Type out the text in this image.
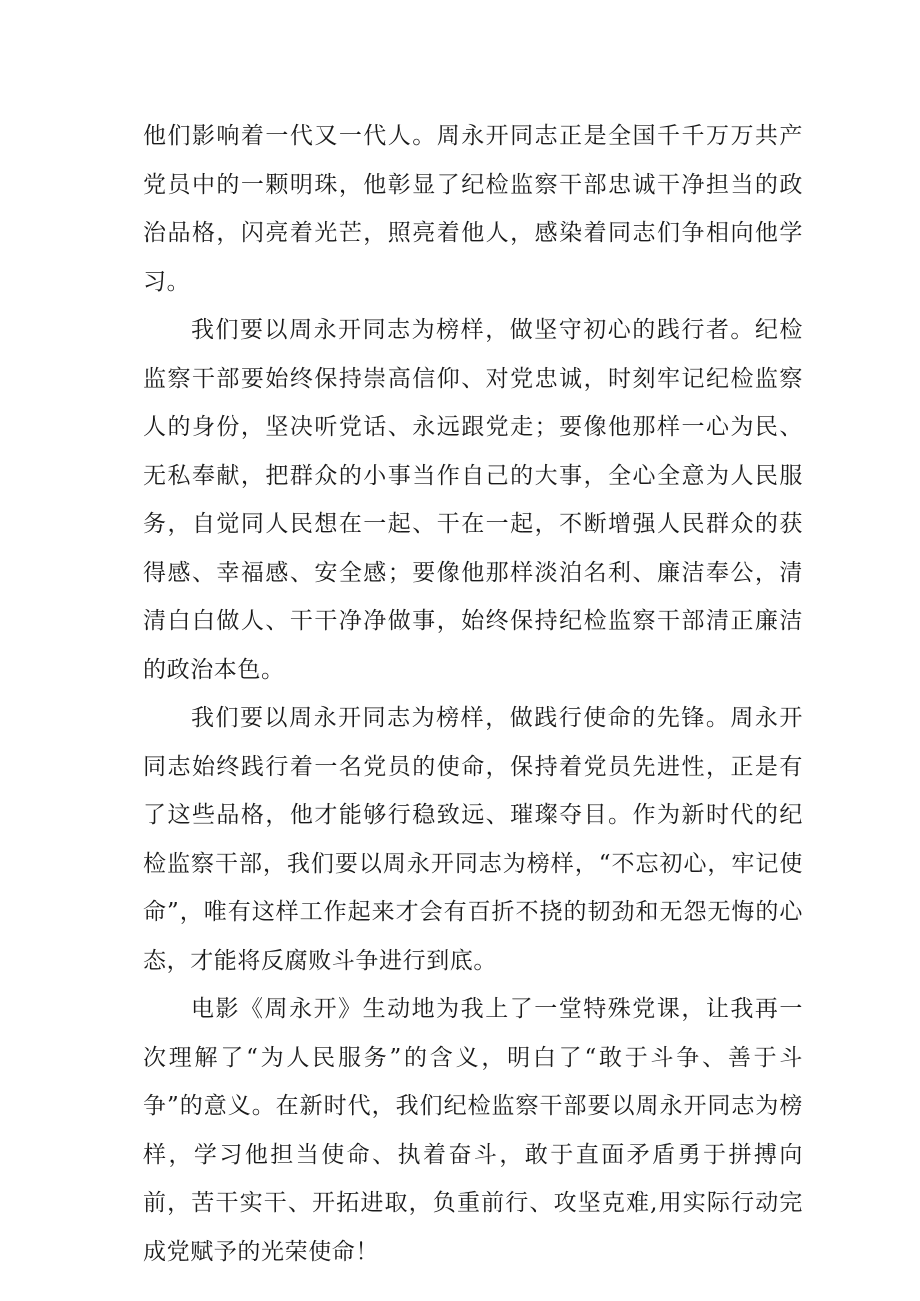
他们影响着一代又一代人。周永开同志正是全国千千万万共产党员中的一颗明珠，他彰显了纪检监察干部忠诚干净担当的政治品格，闪亮着光芒，照亮着他人，感染着同志们争相向他学习。

我们要以周永开同志为榜样，做坚守初心的践行者。纪检监察干部要始终保持崇高信仰、对党忠诚，时刻牢记纪检监察人的身份，坚决听党话、永远跟党走；要像他那样一心为民、无私奉献，把群众的小事当作自己的大事，全心全意为人民服务，自觉同人民想在一起、干在一起，不断增强人民群众的获得感、幸福感、安全感；要像他那样淡泊名利、廉洁奉公，清清白白做人、干干净净做事，始终保持纪检监察干部清正廉洁的政治本色。

我们要以周永开同志为榜样，做践行使命的先锋。周永开同志始终践行着一名党员的使命，保持着党员先进性，正是有了这些品格，他才能够行稳致远、璀璨夺目。作为新时代的纪检监察干部，我们要以周永开同志为榜样，“不忘初心，牢记使命”，唯有这样工作起来才会有百折不挠的韧劲和无怨无悔的心态，才能将反腐败斗争进行到底。

电影《周永开》生动地为我上了一堂特殊党课，让我再一次理解了“为人民服务”的含义，明白了“敢于斗争、善于斗争”的意义。在新时代，我们纪检监察干部要以周永开同志为榜样，学习他担当使命、执着奋斗，敢于直面矛盾勇于拼搏向前，苦干实干、开拓进取，负重前行、攻坚克难,用实际行动完成党赋予的光荣使命！
